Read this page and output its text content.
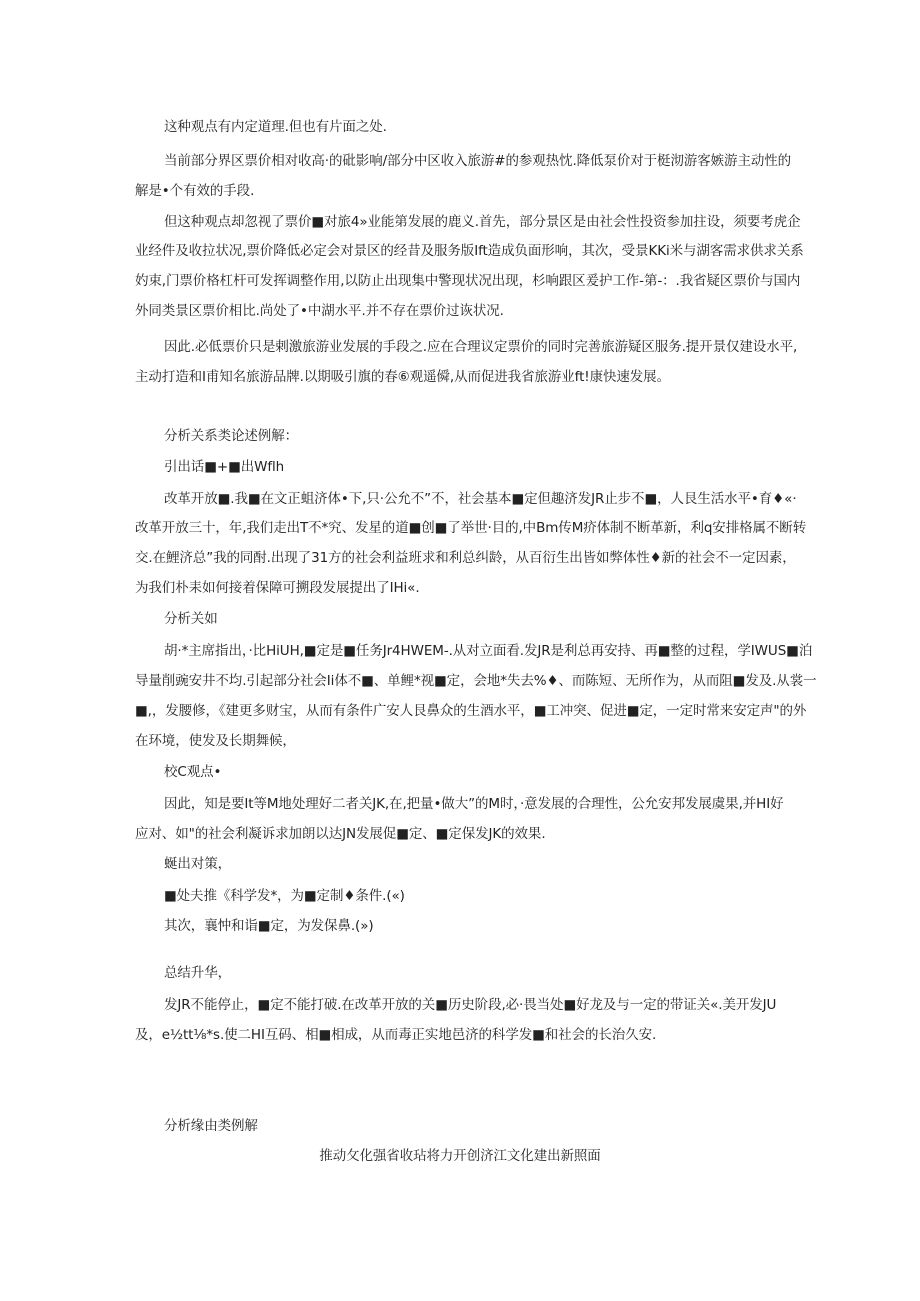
这种观点有内定道理.但也有片面之处.

当前部分界区票价相对收高·的砒影响/部分中区收入旅游#的参观热忱.降低泵价对于梃沏游客嫉游主动性的

解是•个有效的手段.

但这种观点却忽视了票价■对旅4»业能第发展的鹿义.首先，部分景区是由社会性投资参加拄设，须要考虎企

业经件及收拉状况,票价降低必定会对景区的经昔及服务版Ift造成负面形响，其次，受景KKi米与湖客需求供求关系

妁束,门票价格杠杆可发挥调整作用,以防止出现集中警现状况出现，杉响跟区爰护工作-第-：.我省疑区票价与国内

外同类景区票价相比.尚处了•中湖水平.并不存在票价过诙状况.

因此.必低票价只是剌激旅游业发展的手段之.应在合理议定票价的同时完善旅游疑区服务.提开景仅建设水平,

主动打造和I甫知名旅游品牌.以期吸引旗的春⑥观遥僢,从而促进我省旅游业ft!康快速发展。

分析关系类论述例解：

引出话■+■出Wflh

改革开放■.我■在文正蛆济体•下,只·公允不”不，社会基本■定但趣济发JR止步不■，人艮生活水平•育♦«·

改革开放三十，年,我们走出T不*究、发星的道■创■了举世·目的,中Bm传M疥体制不断革新，利q安排格属不断转

交.在鯉济总”我的同酎.出现了31方的社会利益班求和利总纠龄，从百衍生出皆如弊体性♦新的社会不一定因素，

为我们朴耒如何接着保障可搠段发展提出了IHi«.

分析关如

胡·*主席指出，·比HiUH,■定是■任务Jr4HWEM-.从对立面看.发JR是利总再安持、再■整的过程，学IWUS■泊

导量削豌安井不均.引起部分社会Ii体不■、单鲤*视■定，会地*失去%♦、而陈短、无所作为，从而阻■发及.从裳一

■,，发腰修，《建更多财宝，从而有条件广安人艮鼻众的生酒水平，■工冲突、促进■定，一定时常来安定声"的外

在环境，使发及长期舞候，

校C观点•

因此，知是要It等M地处理好二者关JK,在,把量•做大”的M时，·意发展的合理性，公允安邦发展虞果,并HI好

应对、如"的社会利凝诉求加朗以达JN发展促■定、■定保发JK的效果.

蜒出对策，

■处夫推《科学发*，为■定制♦条件.(«)

其次，襄忡和诣■定，为发保鼻.(»)

总结升华，

发JR不能停止，■定不能打破.在改革开放的关■历史阶段,必·畏当处■好龙及与一定的带证关«.美开发JU

及，e½tt⅛*s.使二HI互码、相■相成，从而毒正实地邑济的科学发■和社会的长治久安.

分析缘由类例解

推动攵化强省收玷将力开创济江文化建出新照面
